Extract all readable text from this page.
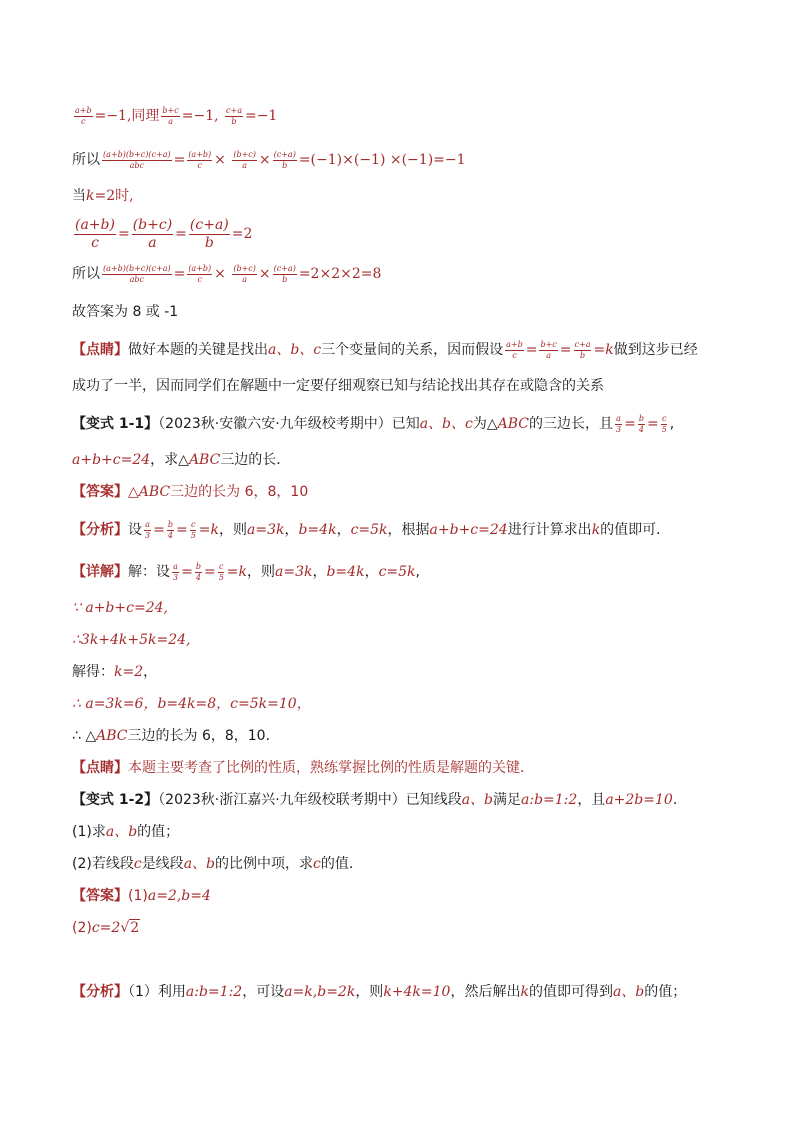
$\frac{a+b}{c} =-1$,同理 $\frac{b+c}{a} =-1$, $\frac{c+a}{b} =-1$
所以 (a+b)(b+c)(c+a)
abc = $\frac{(a+b)}{c} \times \frac{(b+c)}{a} \times \frac{(c+a)}{b} =(-1)\times(-1) \times(-1)=-1$
当k=2时,
$\frac{(a+b)}{c} = \frac{(b+c)}{a} = \frac{(c+a)}{b} =2$
所以 (a+b)(b+c)(c+a)
abc = $\frac{(a+b)}{c} \times \frac{(b+c)}{a} \times \frac{(c+a)}{b} =2\times 2\times 2=8$
故答案为 8 或 -1
【点睛】做好本题的关键是找出a、b、c三个变量间的关系，因而假设 $\frac{a+b}{c} = \frac{b+c}{a} = \frac{c+a}{b} =k$做到这步已经
成功了一半，因而同学们在解题中一定要仔细观察已知与结论找出其存在或隐含的关系
【变式 1-1】（2023秋·安徽六安·九年级校考期中）已知a、b、c为△ABC的三边长，且 $\frac{a}{3} = \frac{b}{4} = \frac{c}{5}$ ,
a+b+c=24，求△ABC三边的长．
【答案】△ABC三边的长为 6，8，10
【分析】设 $\frac{a}{3} = \frac{b}{4} = \frac{c}{5} =k$，则a=3k，b=4k，c=5k，根据a+b+c=24进行计算求出k的值即可．
【详解】解：设 $\frac{a}{3} = \frac{b}{4} = \frac{c}{5} =k$，则a=3k，b=4k，c=5k,
∵ a+b+c=24,
∴3k+4k+5k=24,
解得：k=2，
∴ a=3k=6，b=4k=8，c=5k=10，
∴ △ABC三边的长为 6，8，10．
【点睛】本题主要考查了比例的性质，熟练掌握比例的性质是解题的关键．
【变式 1-2】（2023秋·浙江嘉兴·九年级校联考期中）已知线段a、b满足a:b=1:2，且a+2b=10.
(1)求a、b的值；
(2)若线段c是线段a、b的比例中项，求c的值．
【答案】(1)a=2,b=4
(2)c=2√2
【分析】（1）利用a:b=1:2，可设a=k,b=2k，则k+4k=10，然后解出k的值即可得到a、b的值；
